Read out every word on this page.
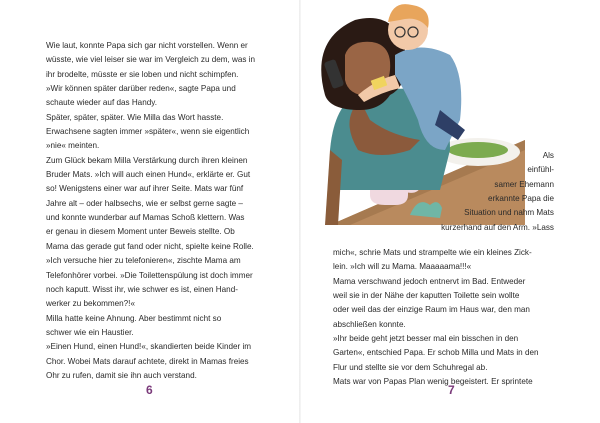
Wie laut, konnte Papa sich gar nicht vorstellen. Wenn er
wüsste, wie viel leiser sie war im Vergleich zu dem, was in
ihr brodelte, müsste er sie loben und nicht schimpfen.
»Wir können später darüber reden«, sagte Papa und
schaute wieder auf das Handy.
Später, später, später. Wie Milla das Wort hasste.
Erwachsene sagten immer »später«, wenn sie eigentlich
»nie« meinten.
Zum Glück bekam Milla Verstärkung durch ihren kleinen
Bruder Mats. »Ich will auch einen Hund«, erklärte er. Gut
so! Wenigstens einer war auf ihrer Seite. Mats war fünf
Jahre alt – oder halbsechs, wie er selbst gerne sagte –
und konnte wunderbar auf Mamas Schoß klettern. Was
er genau in diesem Moment unter Beweis stellte. Ob
Mama das gerade gut fand oder nicht, spielte keine Rolle.
»Ich versuche hier zu telefonieren«, zischte Mama am
Telefonhörer vorbei. »Die Toilettenspülung ist doch immer
noch kaputt. Wisst ihr, wie schwer es ist, einen Hand-
werker zu bekommen?!«
Milla hatte keine Ahnung. Aber bestimmt nicht so
schwer wie ein Haustier.
»Einen Hund, einen Hund!«, skandierten beide Kinder im
Chor. Wobei Mats darauf achtete, direkt in Mamas freies
Ohr zu rufen, damit sie ihn auch verstand.
6	7
Als
einfühl-
samer Ehemann
erkannte Papa die
Situation und nahm Mats
kurzerhand auf den Arm. »Lass
mich«, schrie Mats und strampelte wie ein kleines Zick-
lein. »Ich will zu Mama. Maaaaama!!!«
Mama verschwand jedoch entnervt im Bad. Entweder
weil sie in der Nähe der kaputten Toilette sein wollte
oder weil das der einzige Raum im Haus war, den man
abschließen konnte.
»Ihr beide geht jetzt besser mal ein bisschen in den
Garten«, entschied Papa. Er schob Milla und Mats in den
Flur und stellte sie vor dem Schuhregal ab.
Mats war von Papas Plan wenig begeistert. Er sprintete
